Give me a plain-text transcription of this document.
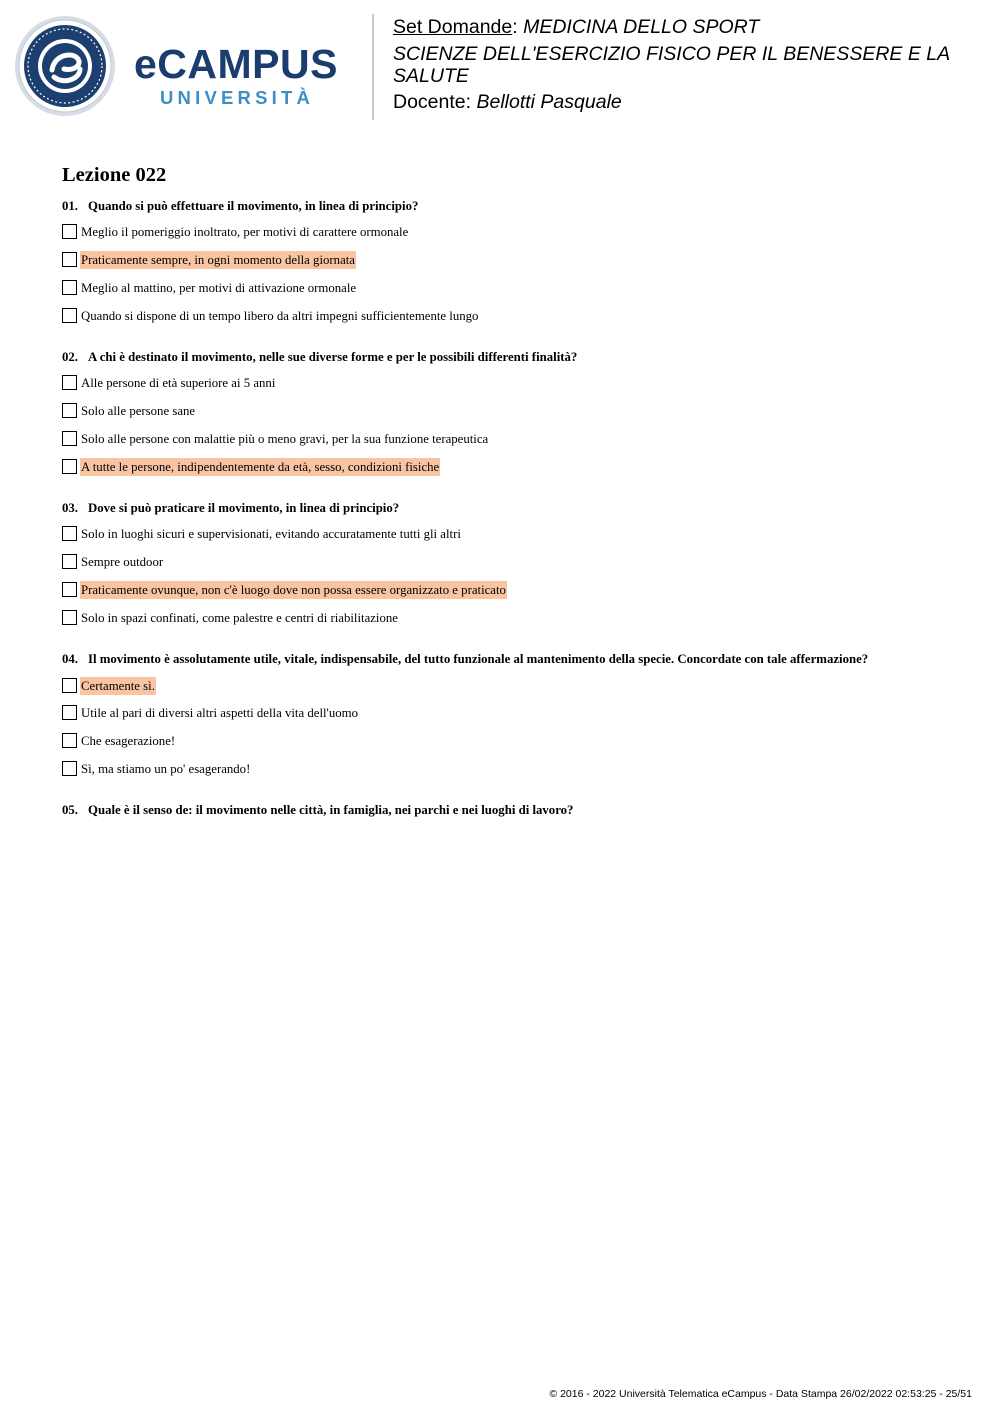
eCAMPUS
UNIVERSITÀ
Set Domande: MEDICINA DELLO SPORT
SCIENZE DELL'ESERCIZIO FISICO PER IL BENESSERE E LA
SALUTE
Docente: Bellotti Pasquale
Lezione 022
01. Quando si può effettuare il movimento, in linea di principio?
Meglio il pomeriggio inoltrato, per motivi di carattere ormonale
Praticamente sempre, in ogni momento della giornata
Meglio al mattino, per motivi di attivazione ormonale
Quando si dispone di un tempo libero da altri impegni sufficientemente lungo
02. A chi è destinato il movimento, nelle sue diverse forme e per le possibili differenti finalità?
Alle persone di età superiore ai 5 anni
Solo alle persone sane
Solo alle persone con malattie più o meno gravi, per la sua funzione terapeutica
A tutte le persone, indipendentemente da età, sesso, condizioni fisiche
03. Dove si può praticare il movimento, in linea di principio?
Solo in luoghi sicuri e supervisionati, evitando accuratamente tutti gli altri
Sempre outdoor
Praticamente ovunque, non c'è luogo dove non possa essere organizzato e praticato
Solo in spazi confinati, come palestre e centri di riabilitazione
04. Il movimento è assolutamente utile, vitale, indispensabile, del tutto funzionale al mantenimento della specie. Concordate con tale affermazione?
Certamente sì.
Utile al pari di diversi altri aspetti della vita dell'uomo
Che esagerazione!
Sì, ma stiamo un po' esagerando!
05. Quale è il senso de: il movimento nelle città, in famiglia, nei parchi e nei luoghi di lavoro?
© 2016 - 2022 Università Telematica eCampus - Data Stampa 26/02/2022 02:53:25 - 25/51
